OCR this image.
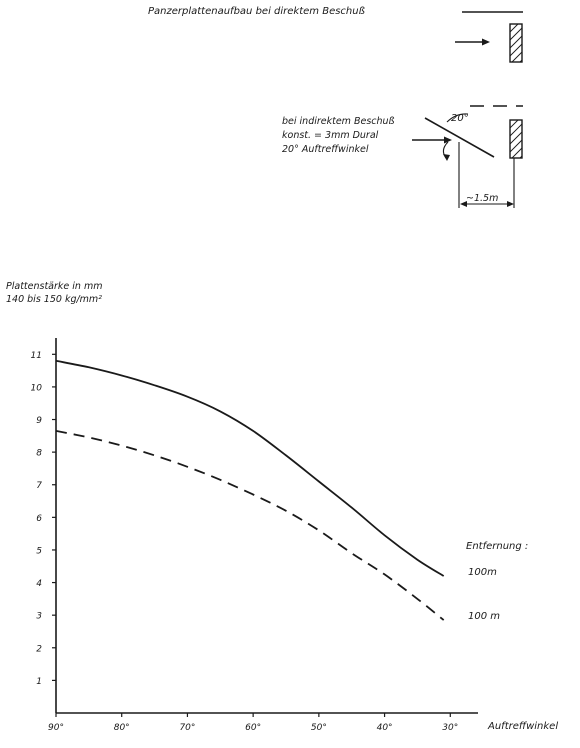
Panzerplattenaufbau bei direktem Beschuß
bei indirektem Beschuß
konst. = 3mm Dural
20° Auftreffwinkel
20°
~1.5m
Plattenstärke in mm
140 bis 150 kg/mm²
1
2
3
4
5
6
7
8
9
10
11
90°	80°	70°	60°	50°	40°	30°	Auftreffwinkel
Entfernung :
100m
100 m
